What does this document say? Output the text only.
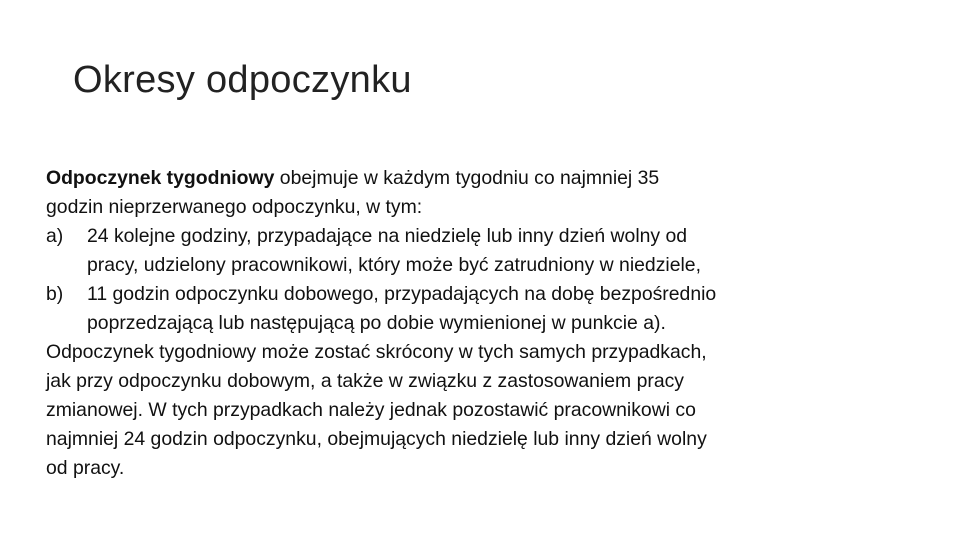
Okresy odpoczynku

Odpoczynek tygodniowy obejmuje w każdym tygodniu co najmniej 35
godzin nieprzerwanego odpoczynku, w tym:

a)	24 kolejne godziny, przypadające na niedzielę lub inny dzień wolny od
pracy, udzielony pracownikowi, który może być zatrudniony w niedziele,
b)	11 godzin odpoczynku dobowego, przypadających na dobę bezpośrednio
poprzedzającą lub następującą po dobie wymienionej w punkcie a).

Odpoczynek tygodniowy może zostać skrócony w tych samych przypadkach,
jak przy odpoczynku dobowym, a także w związku z zastosowaniem pracy
zmianowej. W tych przypadkach należy jednak pozostawić pracownikowi co
najmniej 24 godzin odpoczynku, obejmujących niedzielę lub inny dzień wolny
od pracy.
